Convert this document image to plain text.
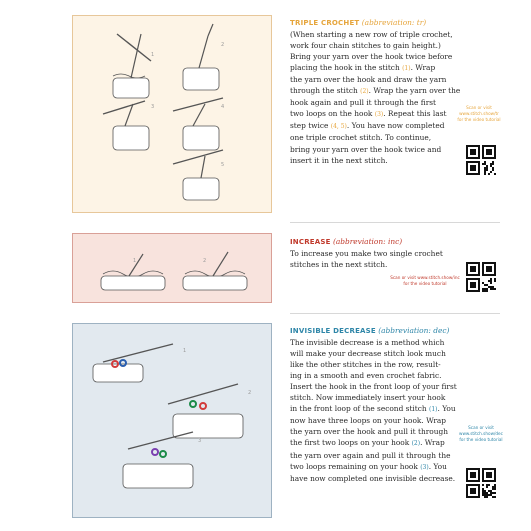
1
2
3	4
5
1	2
1
2
3
TRIPLE CROCHET (abbreviation: tr)
(When starting a new row of triple crochet,
work four chain stitches to gain height.)
Bring your yarn over the hook twice before
placing the hook in the stitch (1). Wrap
the yarn over the hook and draw the yarn
through the stitch (2). Wrap the yarn over the
hook again and pull it through the first
two loops on the hook (3). Repeat this last
step twice (4, 5). You have now completed
one triple crochet stitch. To continue,
bring your yarn over the hook twice and
insert it in the next stitch.
INCREASE (abbreviation: inc)
To increase you make two single crochet
stitches in the next stitch.
INVISIBLE DECREASE (abbreviation: dec)
The invisible decrease is a method which
will make your decrease stitch look much
like the other stitches in the row, result-
ing in a smooth and even crochet fabric.
Insert the hook in the front loop of your first
stitch. Now immediately insert your hook
in the front loop of the second stitch (1). You
now have three loops on your hook. Wrap
the yarn over the hook and pull it through
the first two loops on your hook (2). Wrap
the yarn over again and pull it through the
two loops remaining on your hook (3). You
have now completed one invisible decrease.
Scan or visit
www.stitch.show/tr
for the video tutorial
Scan or visit www.stitch.show/inc
for the video tutorial
Scan or visit
www.stitch.show/dec
for the video tutorial
